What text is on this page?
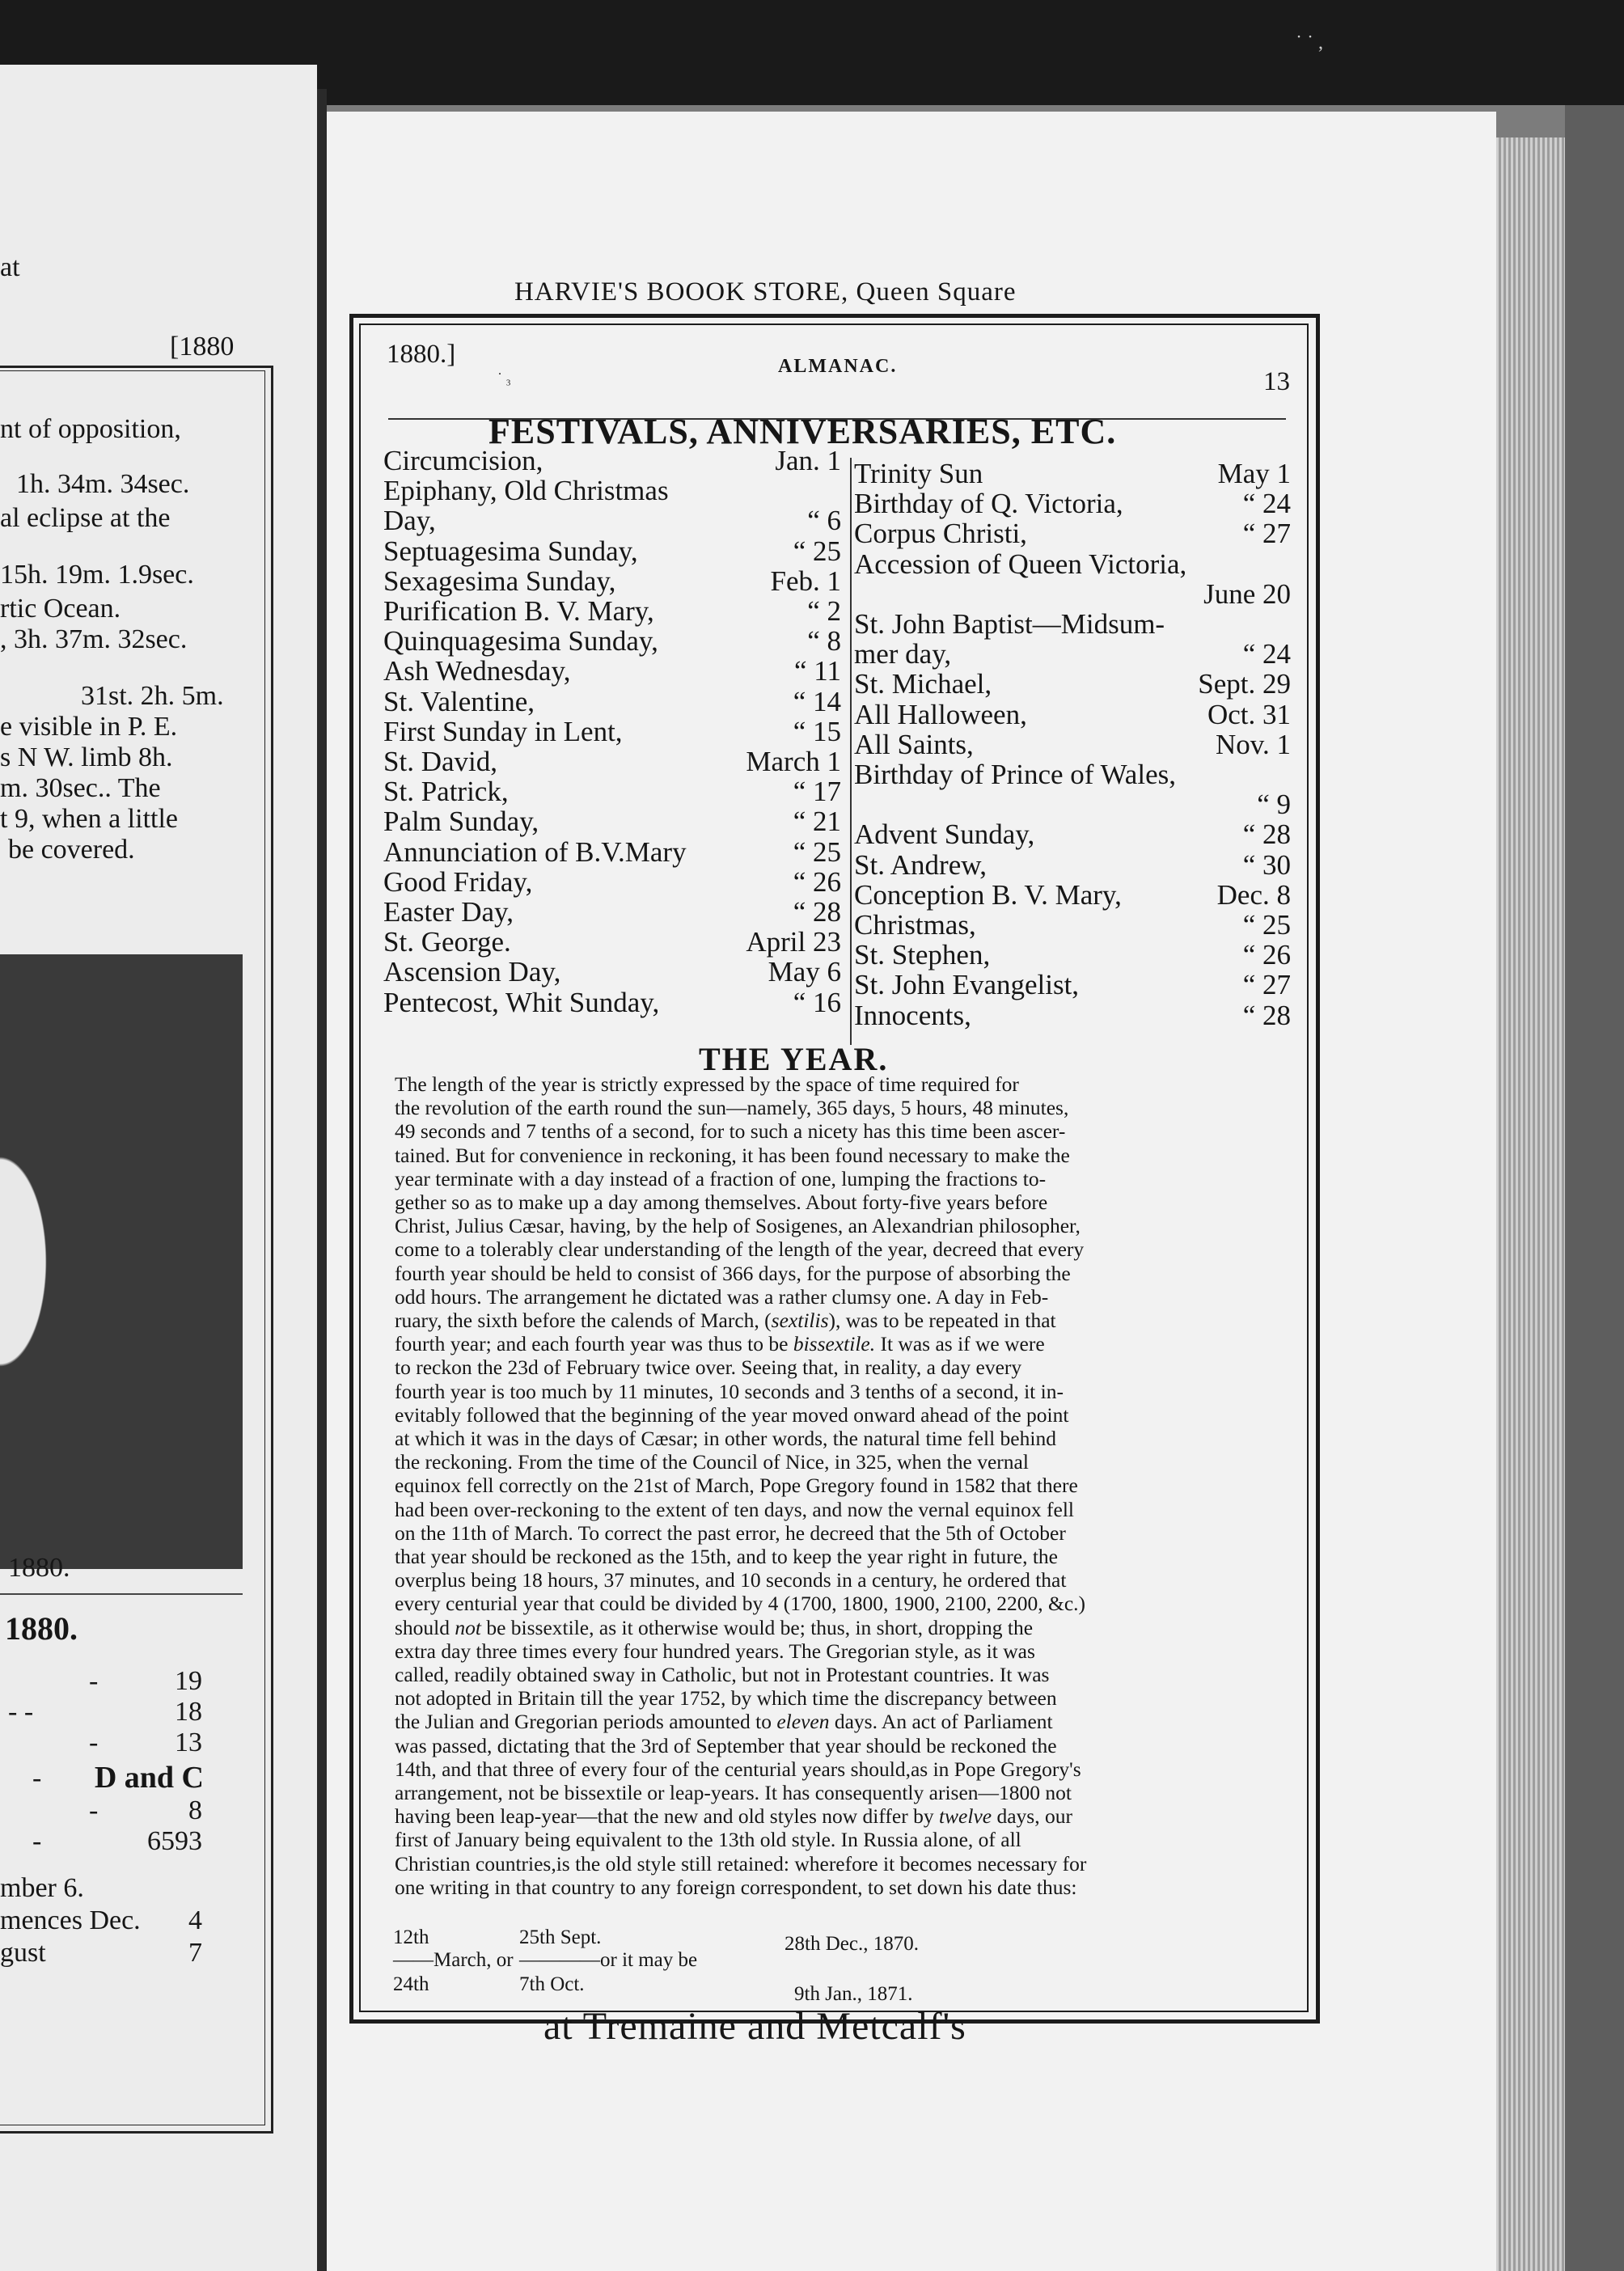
˙ ˙ ,
at
[1880
nt of opposition,
1h. 34m. 34sec.
al eclipse at the
15h. 19m. 1.9sec.
rtic Ocean.
, 3h. 37m. 32sec.
31st. 2h. 5m.
e visible in P. E.
s N W. limb 8h.
m. 30sec.. The
t 9, when a little
be covered.
1880.
1880.
-	19
- -	18
-	13
-	D and C
-	8
-	6593
mber 6.
mences Dec.	4
gust	7
HARVIE'S BOOOK STORE, Queen Square
1880.]
˙ ₃
ALMANAC.
13
FESTIVALS, ANNIVERSARIES, ETC.
Circumcision,	Jan. 1
Epiphany, Old Christmas
Day,	“ 6
Septuagesima Sunday,	“ 25
Sexagesima Sunday,	Feb. 1
Purification B. V. Mary,	“ 2
Quinquagesima Sunday,	“ 8
Ash Wednesday,	“ 11
St. Valentine,	“ 14
First Sunday in Lent,	“ 15
St. David,	March 1
St. Patrick,	“ 17
Palm Sunday,	“ 21
Annunciation of B.V.Mary	“ 25
Good Friday,	“ 26
Easter Day,	“ 28
St. George.	April 23
Ascension Day,	May 6
Pentecost, Whit Sunday,	“ 16
Trinity Sun	May 1
Birthday of Q. Victoria,	“ 24
Corpus Christi,	“ 27
Accession of Queen Victoria,
June 20
St. John Baptist—Midsum-
mer day,	“ 24
St. Michael,	Sept. 29
All Halloween,	Oct. 31
All Saints,	Nov. 1
Birthday of Prince of Wales,
“ 9
Advent Sunday,	“ 28
St. Andrew,	“ 30
Conception B. V. Mary,	Dec. 8
Christmas,	“ 25
St. Stephen,	“ 26
St. John Evangelist,	“ 27
Innocents,	“ 28
THE YEAR.
The length of the year is strictly expressed by the space of time required for
the revolution of the earth round the sun—namely, 365 days, 5 hours, 48 minutes,
49 seconds and 7 tenths of a second, for to such a nicety has this time been ascer-
tained. But for convenience in reckoning, it has been found necessary to make the
year terminate with a day instead of a fraction of one, lumping the fractions to-
gether so as to make up a day among themselves. About forty-five years before
Christ, Julius Cæsar, having, by the help of Sosigenes, an Alexandrian philosopher,
come to a tolerably clear understanding of the length of the year, decreed that every
fourth year should be held to consist of 366 days, for the purpose of absorbing the
odd hours. The arrangement he dictated was a rather clumsy one. A day in Feb-
ruary, the sixth before the calends of March, (sextilis), was to be repeated in that
fourth year; and each fourth year was thus to be bissextile. It was as if we were
to reckon the 23d of February twice over. Seeing that, in reality, a day every
fourth year is too much by 11 minutes, 10 seconds and 3 tenths of a second, it in-
evitably followed that the beginning of the year moved onward ahead of the point
at which it was in the days of Cæsar; in other words, the natural time fell behind
the reckoning. From the time of the Council of Nice, in 325, when the vernal
equinox fell correctly on the 21st of March, Pope Gregory found in 1582 that there
had been over-reckoning to the extent of ten days, and now the vernal equinox fell
on the 11th of March. To correct the past error, he decreed that the 5th of October
that year should be reckoned as the 15th, and to keep the year right in future, the
overplus being 18 hours, 37 minutes, and 10 seconds in a century, he ordered that
every centurial year that could be divided by 4 (1700, 1800, 1900, 2100, 2200, &c.)
should not be bissextile, as it otherwise would be; thus, in short, dropping the
extra day three times every four hundred years. The Gregorian style, as it was
called, readily obtained sway in Catholic, but not in Protestant countries. It was
not adopted in Britain till the year 1752, by which time the discrepancy between
the Julian and Gregorian periods amounted to eleven days. An act of Parliament
was passed, dictating that the 3rd of September that year should be reckoned the
14th, and that three of every four of the centurial years should,as in Pope Gregory's
arrangement, not be bissextile or leap-years. It has consequently arisen—1800 not
having been leap-year—that the new and old styles now differ by twelve days, our
first of January being equivalent to the 13th old style. In Russia alone, of all
Christian countries,is the old style still retained: wherefore it becomes necessary for
one writing in that country to any foreign correspondent, to set down his date thus:
12th
——March, or
24th
25th Sept.
————or it may be
7th Oct.
28th Dec., 1870.
9th Jan., 1871.
at Tremaine and Metcalf's
